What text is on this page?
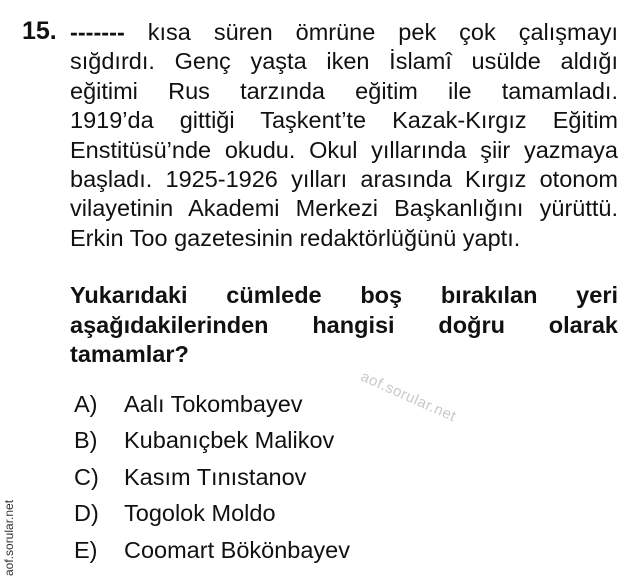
15. ------- kısa süren ömrüne pek çok çalışmayı
sığdırdı. Genç yaşta iken İslamî usülde aldığı
eğitimi Rus tarzında eğitim ile tamamladı.
1919’da gittiği Taşkent’te Kazak-Kırgız Eğitim
Enstitüsü’nde okudu. Okul yıllarında şiir yazmaya
başladı. 1925-1926 yılları arasında Kırgız otonom
vilayetinin Akademi Merkezi Başkanlığını yürüttü.
Erkin Too gazetesinin redaktörlüğünü yaptı.
Yukarıdaki cümlede boş bırakılan yeri
aşağıdakilerinden hangisi doğru olarak
tamamlar?
A)	Aalı Tokombayev
B)	Kubanıçbek Malikov
C)	Kasım Tınıstanov
D)	Togolok Moldo
E)	Coomart Bökönbayev
aof.sorular.net
aof.sorular.net
